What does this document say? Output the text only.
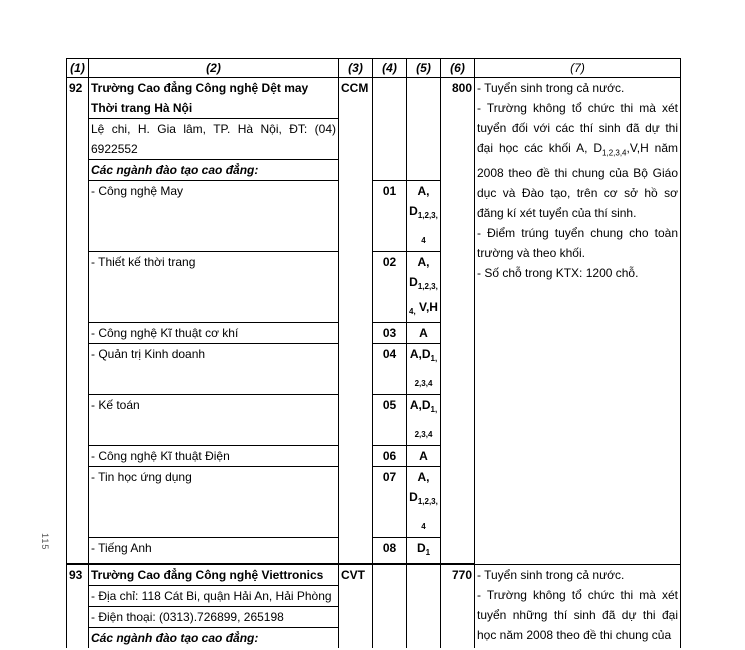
115
(1)	(2)	(3)	(4)	(5)	(6)	(7)
92	Trường Cao đẳng Công nghệ Dệt may Thời trang Hà Nội	CCM			800	- Tuyển sinh trong cả nước.

- Trường không tổ chức thi mà xét tuyển đối với các thí sinh đã dự thi đại học các khối A, $D_{1,2,3,4},V,H$ năm 2008 theo đề thi chung của Bộ Giáo dục và Đào tạo, trên cơ sở hồ sơ đăng kí xét tuyển của thí sinh.

- Điểm trúng tuyển chung cho toàn trường và theo khối.

- Số chỗ trong KTX: 1200 chỗ.

	Lệ chi, H. Gia lâm, TP. Hà Nội, ĐT: (04) 6922552					
	Các ngành đào tạo cao đẳng:					
	- Công nghệ May		01	A,
$D_{1,2,3,}$
$_4$	
	- Thiết kế thời trang		02	A,
$D_{1,2,3,}$
$_{4,}$ V,H		
	- Công nghệ Kĩ thuật cơ khí		03	A		
	- Quản trị Kinh doanh		04	$A,D_{1,}$
$_{2,3,4}$	
	- Kế toán		05	$A,D_{1,}$
$_{2,3,4}$	
	- Công nghệ Kĩ thuật Điện		06	A		
	- Tin học ứng dụng		07	A,
$D_{1,2,3,}$
$_4$	
	- Tiếng Anh		08	$D_1$	

93	Trường Cao đẳng Công nghệ Viettronics	CVT			770	- Tuyển sinh trong cả nước.

- Trường không tổ chức thi mà xét tuyển những thí sinh đã dự thi đại học năm 2008 theo đề thi chung của

	- Địa chỉ: 118 Cát Bi, quận Hải An, Hải Phòng					
	- Điện thoại: (0313).726899, 265198					
	Các ngành đào tạo cao đẳng:					
